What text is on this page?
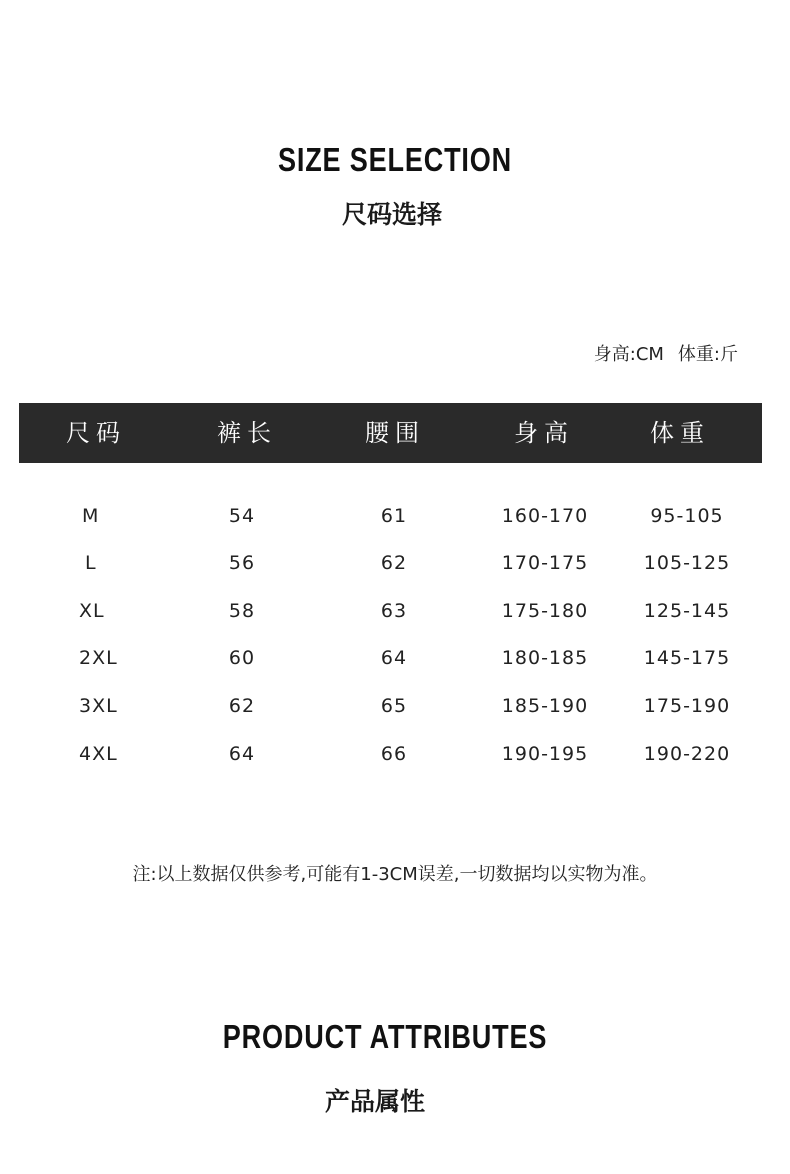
SIZE SELECTION
尺码选择
身高:CM 体重:斤
尺码	裤长	腰围	身高	体重
M	54	61	160-170	95-105
L	56	62	170-175	105-125
XL	58	63	175-180	125-145
2XL	60	64	180-185	145-175
3XL	62	65	185-190	175-190
4XL	64	66	190-195	190-220
注:以上数据仅供参考,可能有1-3CM误差,一切数据均以实物为准。
PRODUCT ATTRIBUTES
产品属性
